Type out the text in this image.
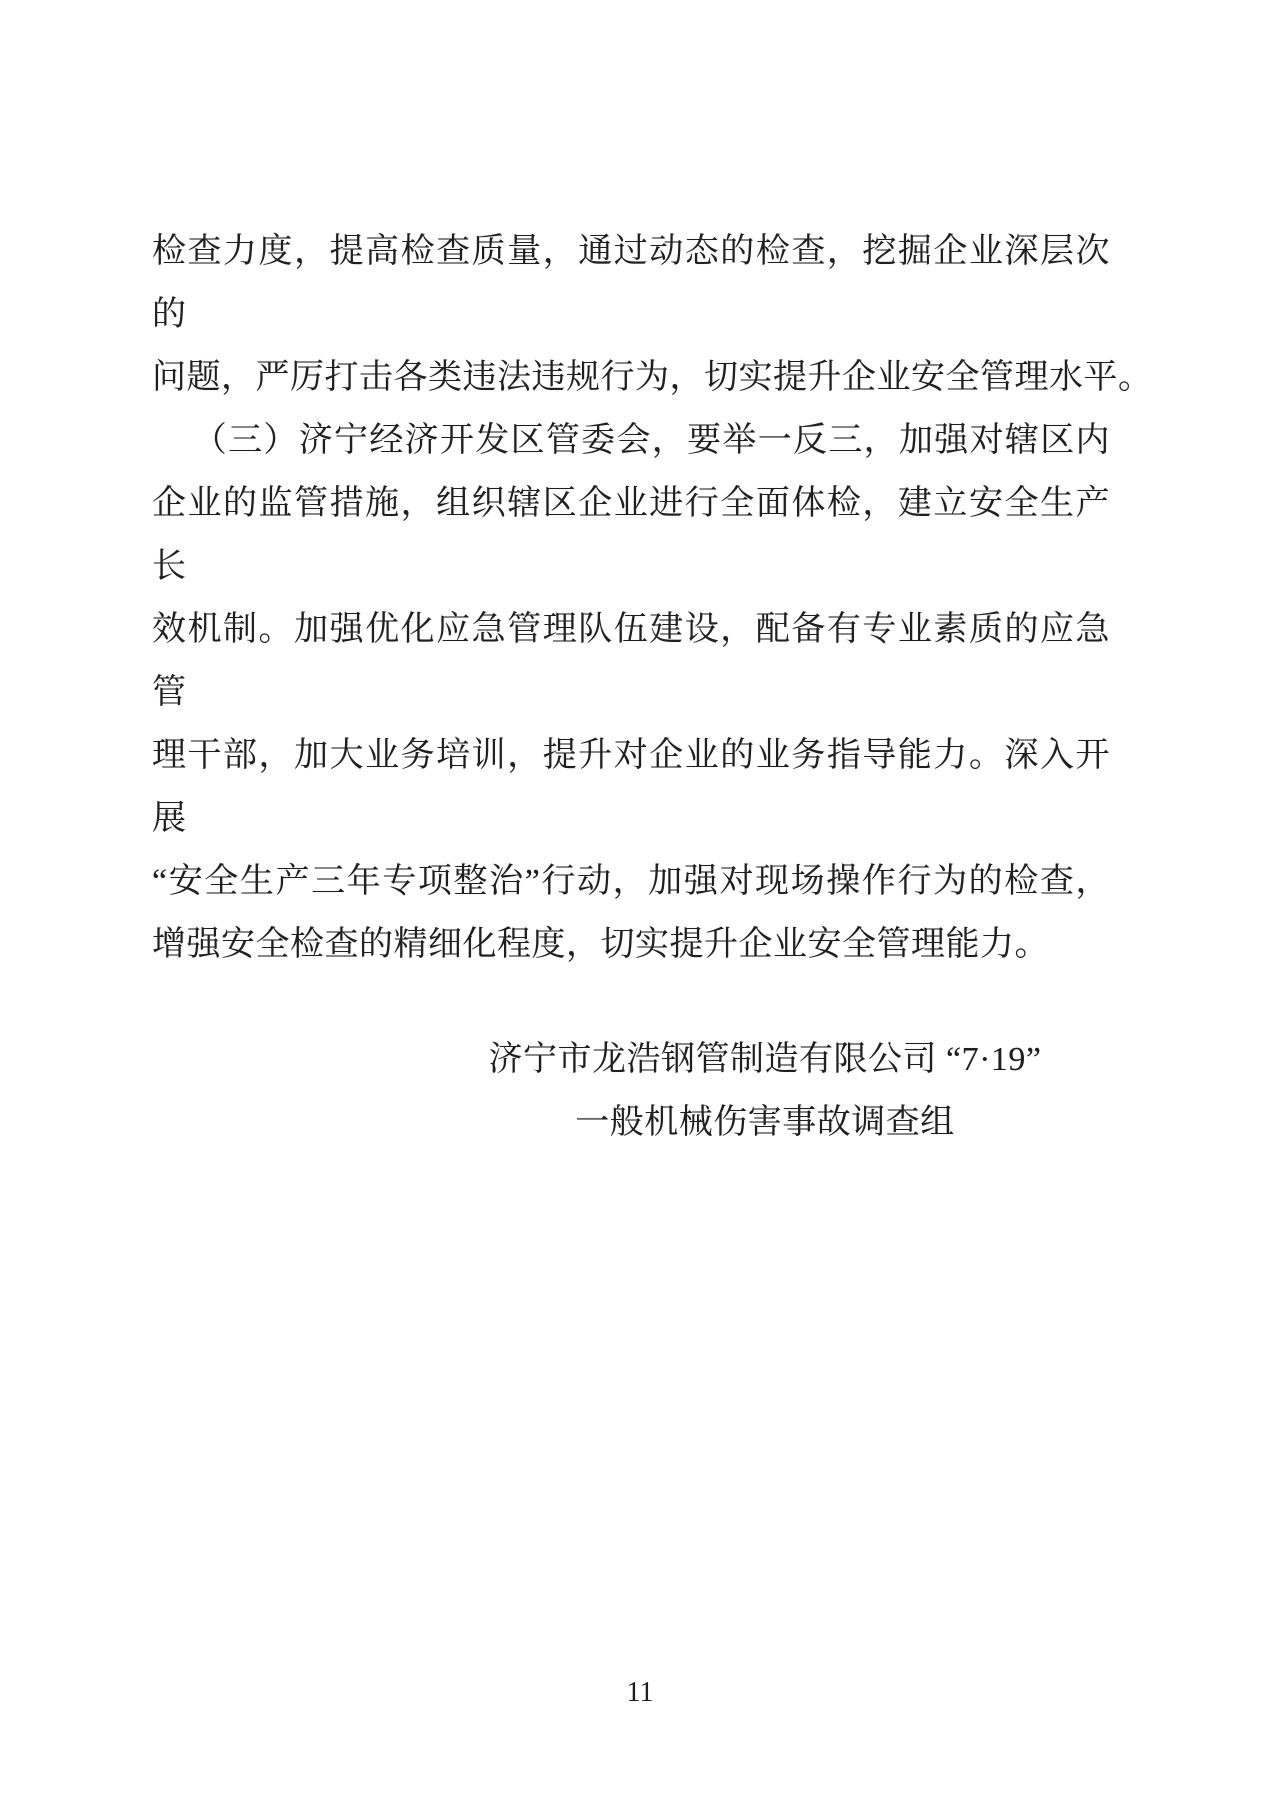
检查力度，提高检查质量，通过动态的检查，挖掘企业深层次的
问题，严厉打击各类违法违规行为，切实提升企业安全管理水平。
（三）济宁经济开发区管委会，要举一反三，加强对辖区内
企业的监管措施，组织辖区企业进行全面体检，建立安全生产长
效机制。加强优化应急管理队伍建设，配备有专业素质的应急管
理干部，加大业务培训，提升对企业的业务指导能力。深入开展
“安全生产三年专项整治”行动，加强对现场操作行为的检查，
增强安全检查的精细化程度，切实提升企业安全管理能力。
济宁市龙浩钢管制造有限公司 “7·19”
一般机械伤害事故调查组
11
